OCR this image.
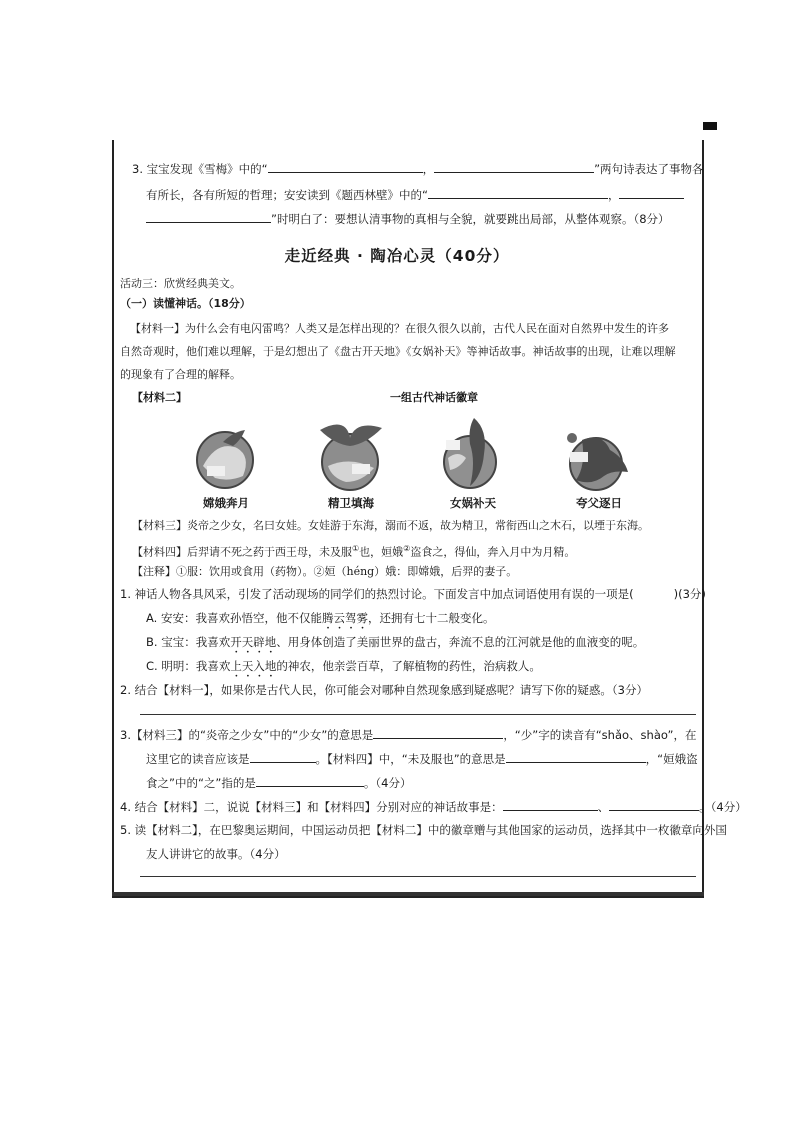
3. 宝宝发现《雪梅》中的“	，	”两句诗表达了事物各
有所长，各有所短的哲理；安安读到《题西林壁》中的“	，
”时明白了：要想认清事物的真相与全貌，就要跳出局部，从整体观察。（8分）
走近经典 · 陶冶心灵（40分）
活动三：欣赏经典美文。
（一）读懂神话。（18分）
【材料一】为什么会有电闪雷鸣？人类又是怎样出现的？在很久很久以前，古代人民在面对自然界中发生的许多
自然奇观时，他们难以理解，于是幻想出了《盘古开天地》《女娲补天》等神话故事。神话故事的出现，让难以理解
的现象有了合理的解释。
【材料二】	一组古代神话徽章
嫦娥奔月	精卫填海	女娲补天	夸父逐日
【材料三】炎帝之少女，名曰女娃。女娃游于东海，溺而不返，故为精卫，常衔西山之木石，以堙于东海。
【材料四】后羿请不死之药于西王母，未及服①也，姮娥②盗食之，得仙，奔入月中为月精。
【注释】①服：饮用或食用（药物）。②姮（héng）娥：即嫦娥，后羿的妻子。
1. 神话人物各具风采，引发了活动现场的同学们的热烈讨论。下面发言中加点词语使用有误的一项是(	)(3分)
A. 安安：我喜欢孙悟空，他不仅能腾云驾雾，还拥有七十二般变化。
B. 宝宝：我喜欢开天辟地、用身体创造了美丽世界的盘古，奔流不息的江河就是他的血液变的呢。
C. 明明：我喜欢上天入地的神农，他亲尝百草，了解植物的药性，治病救人。
2. 结合【材料一】，如果你是古代人民，你可能会对哪种自然现象感到疑惑呢？请写下你的疑惑。（3分）
3.【材料三】的“炎帝之少女”中的“少女”的意思是	，“少”字的读音有“shǎo、shào”，在
这里它的读音应该是	。【材料四】中，“未及服也”的意思是	，“姮娥盗
食之”中的“之”指的是	。（4分）
4. 结合【材料】二，说说【材料三】和【材料四】分别对应的神话故事是：	、	。（4分）
5. 读【材料二】，在巴黎奥运期间，中国运动员把【材料二】中的徽章赠与其他国家的运动员，选择其中一枚徽章向外国
友人讲讲它的故事。（4分）
